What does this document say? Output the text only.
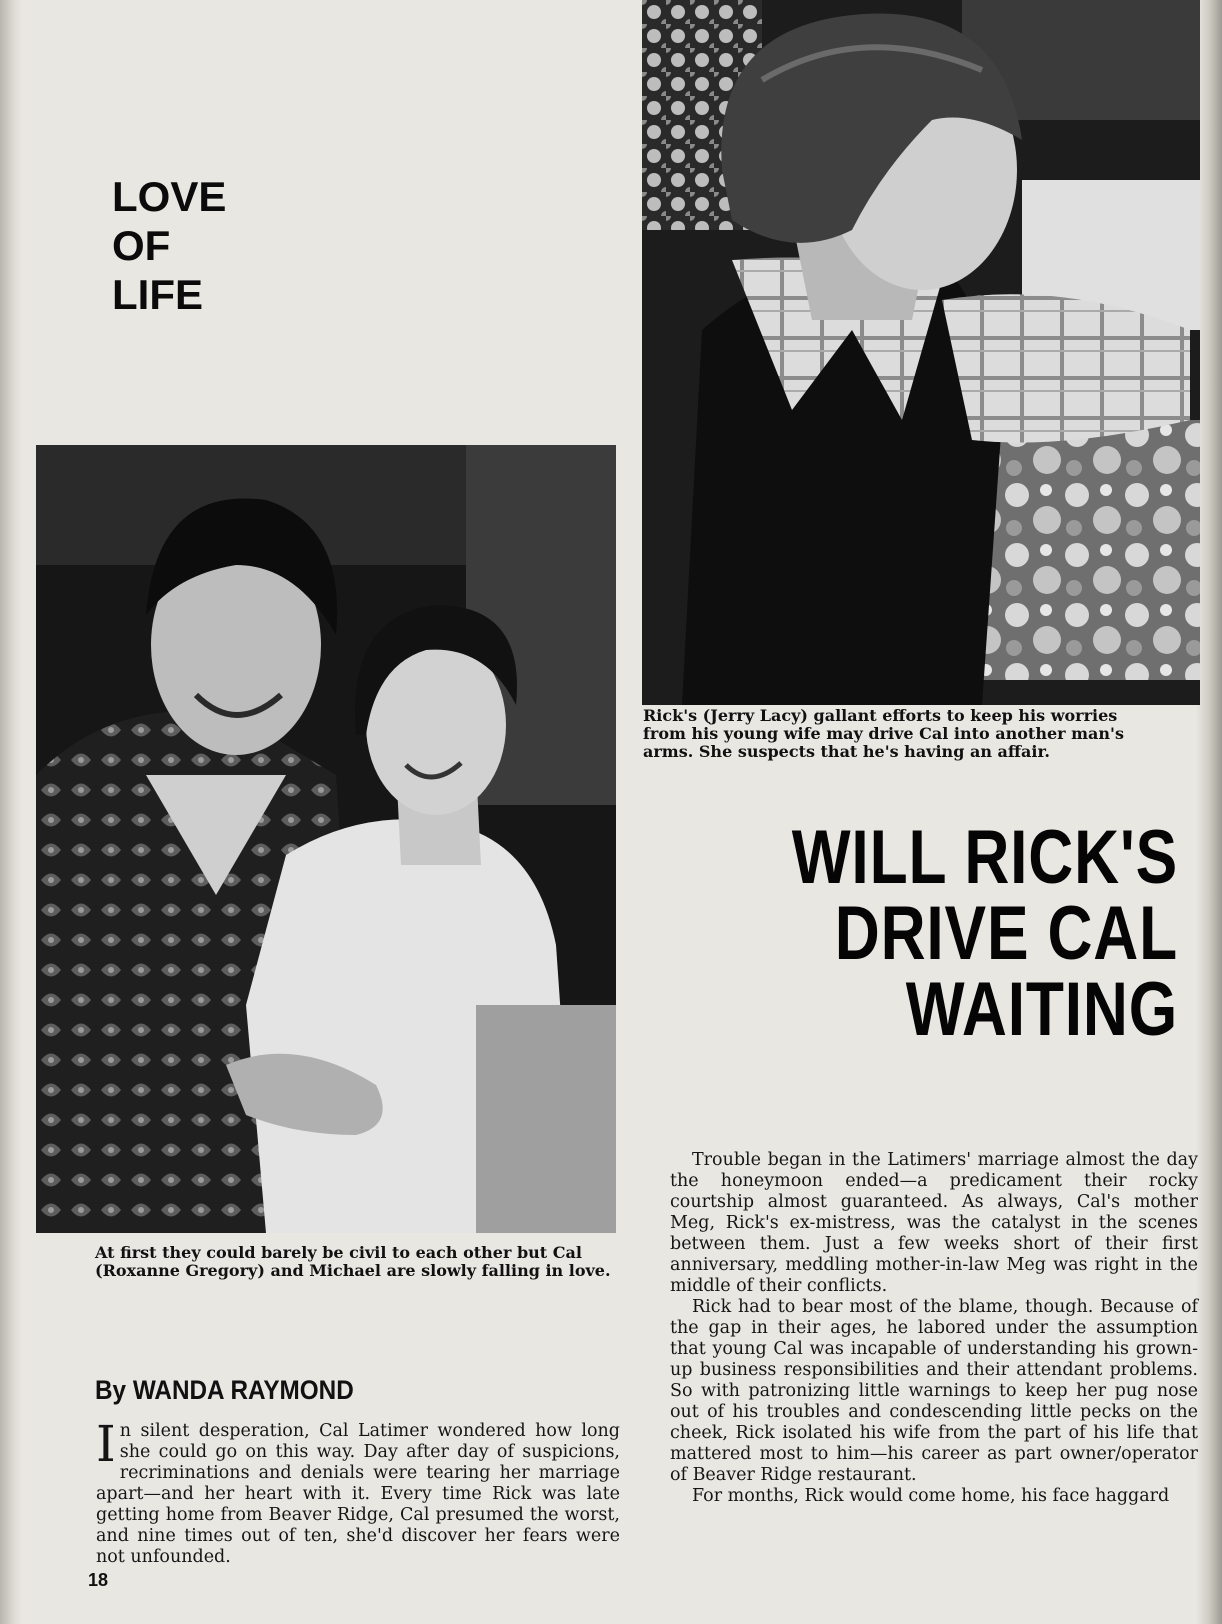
LOVE
OF
LIFE

Rick's (Jerry Lacy) gallant efforts to keep his worries from his young wife may drive Cal into another man's arms. She suspects that he's having an affair.

At first they could barely be civil to each other but Cal (Roxanne Gregory) and Michael are slowly falling in love.

WILL RICK'S
DRIVE CAL
WAITING
By WANDA RAYMOND

In silent desperation, Cal Latimer wondered how long she could go on this way. Day after day of suspicions, recriminations and denials were tearing her marriage apart—and her heart with it. Every time Rick was late getting home from Beaver Ridge, Cal presumed the worst, and nine times out of ten, she'd discover her fears were not unfounded.

Trouble began in the Latimers' marriage almost the day the honeymoon ended—a predicament their rocky courtship almost guaranteed. As always, Cal's mother Meg, Rick's ex-mistress, was the catalyst in the scenes between them. Just a few weeks short of their first anniversary, meddling mother-in-law Meg was right in the middle of their conflicts.

Rick had to bear most of the blame, though. Because of the gap in their ages, he labored under the assumption that young Cal was incapable of understanding his grown-up business responsibilities and their attendant problems. So with patronizing little warnings to keep her pug nose out of his troubles and condescending little pecks on the cheek, Rick isolated his wife from the part of his life that mattered most to him—his career as part owner/operator of Beaver Ridge restaurant.

For months, Rick would come home, his face haggard

18
